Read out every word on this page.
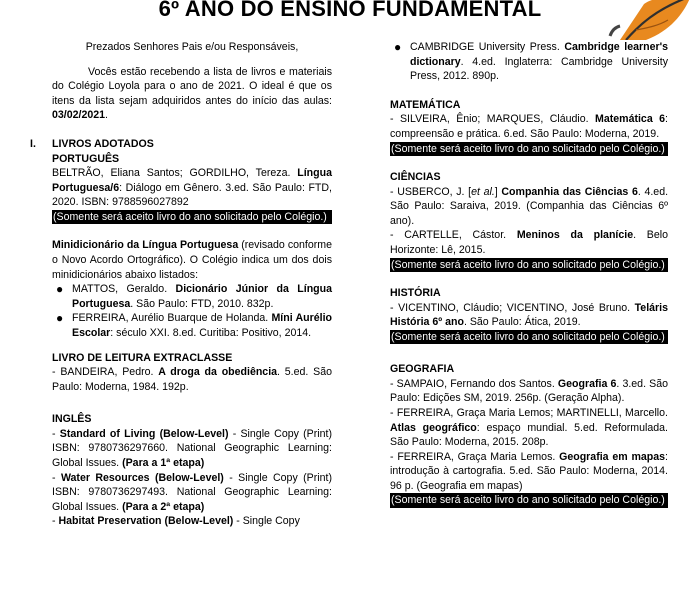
6º ANO DO ENSINO FUNDAMENTAL

Prezados Senhores Pais e/ou Responsáveis,

Vocês estão recebendo a lista de livros e materiais do Colégio Loyola para o ano de 2021. O ideal é que os itens da lista sejam adquiridos antes do início das aulas: 03/02/2021.

I. LIVROS ADOTADOS

PORTUGUÊS

BELTRÃO, Eliana Santos; GORDILHO, Tereza. Língua Portuguesa/6: Diálogo em Gênero. 3.ed. São Paulo: FTD, 2020. ISBN: 9788596027892

(Somente será aceito livro do ano solicitado pelo Colégio.)

Minidicionário da Língua Portuguesa (revisado conforme o Novo Acordo Ortográfico). O Colégio indica um dos dois minidicionários abaixo listados:

● MATTOS, Geraldo. Dicionário Júnior da Língua Portuguesa. São Paulo: FTD, 2010. 832p.
● FERREIRA, Aurélio Buarque de Holanda. Míni Aurélio Escolar: século XXI. 8.ed. Curitiba: Positivo, 2014.

LIVRO DE LEITURA EXTRACLASSE

- BANDEIRA, Pedro. A droga da obediência. 5.ed. São Paulo: Moderna, 1984. 192p.

INGLÊS

- Standard of Living (Below-Level) - Single Copy (Print) ISBN: 9780736297660. National Geographic Learning: Global Issues. (Para a 1ª etapa)

- Water Resources (Below-Level) - Single Copy (Print) ISBN: 9780736297493. National Geographic Learning: Global Issues. (Para a 2ª etapa)

- Habitat Preservation (Below-Level) - Single Copy

● CAMBRIDGE University Press. Cambridge learner's dictionary. 4.ed. Inglaterra: Cambridge University Press, 2012. 890p.

MATEMÁTICA

- SILVEIRA, Ênio; MARQUES, Cláudio. Matemática 6: compreensão e prática. 6.ed. São Paulo: Moderna, 2019.

(Somente será aceito livro do ano solicitado pelo Colégio.)

CIÊNCIAS

- USBERCO, J. [et al.] Companhia das Ciências 6. 4.ed. São Paulo: Saraiva, 2019. (Companhia das Ciências 6º ano).

- CARTELLE, Cástor. Meninos da planície. Belo Horizonte: Lê, 2015.

(Somente será aceito livro do ano solicitado pelo Colégio.)

HISTÓRIA

- VICENTINO, Cláudio; VICENTINO, José Bruno. Teláris História 6º ano. São Paulo: Ática, 2019.

(Somente será aceito livro do ano solicitado pelo Colégio.)

GEOGRAFIA

- SAMPAIO, Fernando dos Santos. Geografia 6. 3.ed. São Paulo: Edições SM, 2019. 256p. (Geração Alpha).

- FERREIRA, Graça Maria Lemos; MARTINELLI, Marcello. Atlas geográfico: espaço mundial. 5.ed. Reformulada. São Paulo: Moderna, 2015. 208p.

- FERREIRA, Graça Maria Lemos. Geografia em mapas: introdução à cartografia. 5.ed. São Paulo: Moderna, 2014. 96 p. (Geografia em mapas)

(Somente será aceito livro do ano solicitado pelo Colégio.)
